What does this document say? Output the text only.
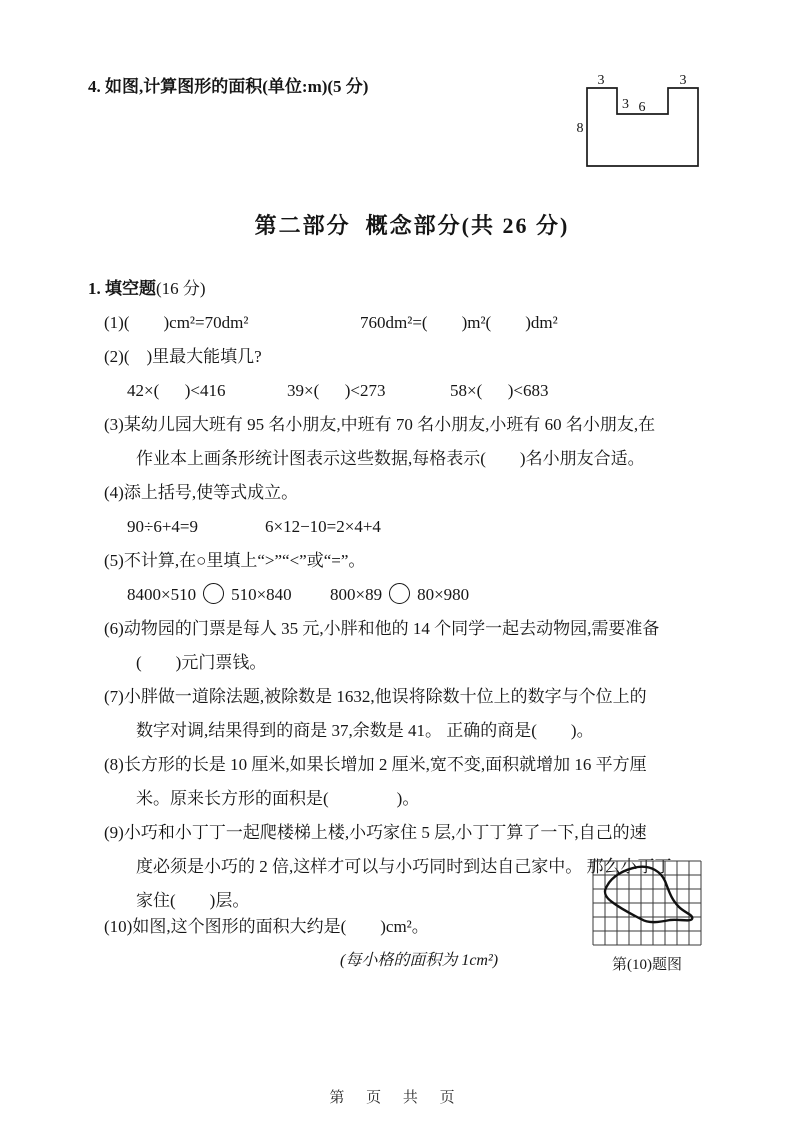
4. 如图,计算图形的面积(单位:m)(5 分)
第二部分  概念部分(共 26 分)
1. 填空题(16 分)
(1)(        )cm²=70dm²	760dm²=(        )m²(        )dm²
(2)(    )里最大能填几?
42×(      )<416	39×(      )<273	58×(      )<683
(3)某幼儿园大班有 95 名小朋友,中班有 70 名小朋友,小班有 60 名小朋友,在
作业本上画条形统计图表示这些数据,每格表示(        )名小朋友合适。
(4)添上括号,使等式成立。
90÷6+4=9	6×12−10=2×4+4
(5)不计算,在○里填上“>”“<”或“=”。
8400×510 510×840 800×89 80×980
(6)动物园的门票是每人 35 元,小胖和他的 14 个同学一起去动物园,需要准备
(        )元门票钱。
(7)小胖做一道除法题,被除数是 1632,他误将除数十位上的数字与个位上的
数字对调,结果得到的商是 37,余数是 41。 正确的商是(        )。
(8)长方形的长是 10 厘米,如果长增加 2 厘米,宽不变,面积就增加 16 平方厘
米。原来长方形的面积是(                )。
(9)小巧和小丁丁一起爬楼梯上楼,小巧家住 5 层,小丁丁算了一下,自己的速
度必须是小巧的 2 倍,这样才可以与小巧同时到达自己家中。 那么小丁丁
家住(        )层。
(10)如图,这个图形的面积大约是(        )cm²。
(每小格的面积为 1cm²)
3	3
3 6
8
第(10)题图
第 页 共 页
